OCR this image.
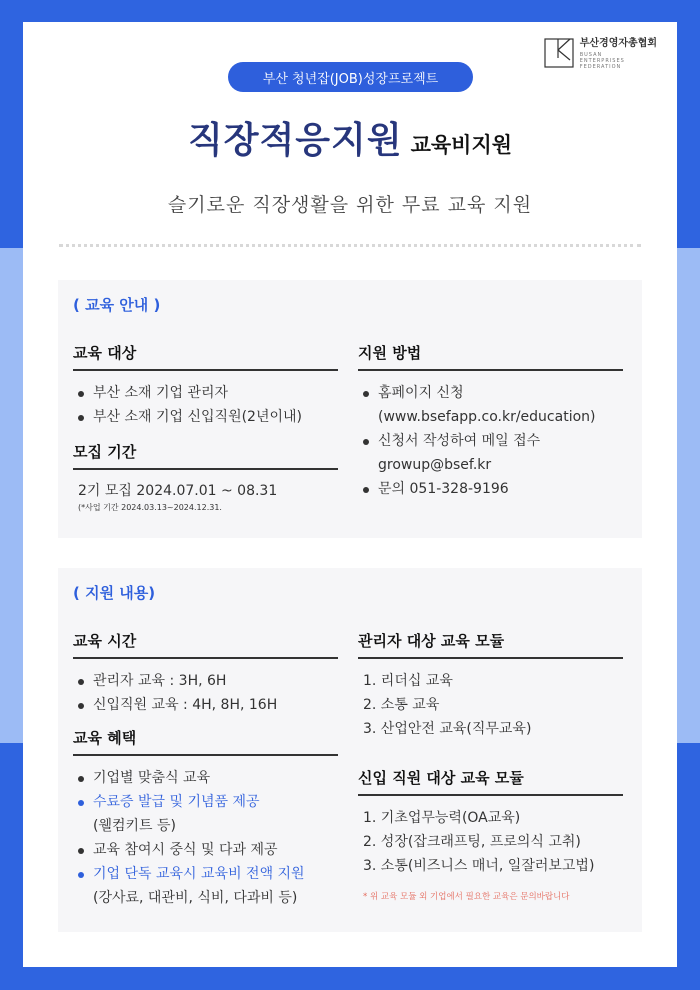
부산경영자총협회
BUSAN ENTERPRISES FEDERATION
부산 청년잡(JOB)성장프로젝트
직장적응지원 교육비지원
슬기로운 직장생활을 위한 무료 교육 지원
( 교육 안내 )
교육 대상
부산 소재 기업 관리자
부산 소재 기업 신입직원(2년이내)
모집 기간
2기 모집 2024.07.01 ~ 08.31
(*사업 기간 2024.03.13~2024.12.31.
지원 방법
홈페이지 신청
(www.bsefapp.co.kr/education)
신청서 작성하여 메일 접수
growup@bsef.kr
문의 051-328-9196
( 지원 내용)
교육 시간
관리자 교육 : 3H, 6H
신입직원 교육 : 4H, 8H, 16H
교육 혜택
기업별 맞춤식 교육
수료증 발급 및 기념품 제공
(웰컴키트 등)
교육 참여시 중식 및 다과 제공
기업 단독 교육시 교육비 전액 지원
(강사료, 대관비, 식비, 다과비 등)
관리자 대상 교육 모듈
1. 리더십 교육
2. 소통 교육
3. 산업안전 교육(직무교육)
신입 직원 대상 교육 모듈
1. 기초업무능력(OA교육)
2. 성장(잡크래프팅, 프로의식 고취)
3. 소통(비즈니스 매너, 일잘러보고법)
* 위 교육 모듈 외 기업에서 필요한 교육은 문의바랍니다
